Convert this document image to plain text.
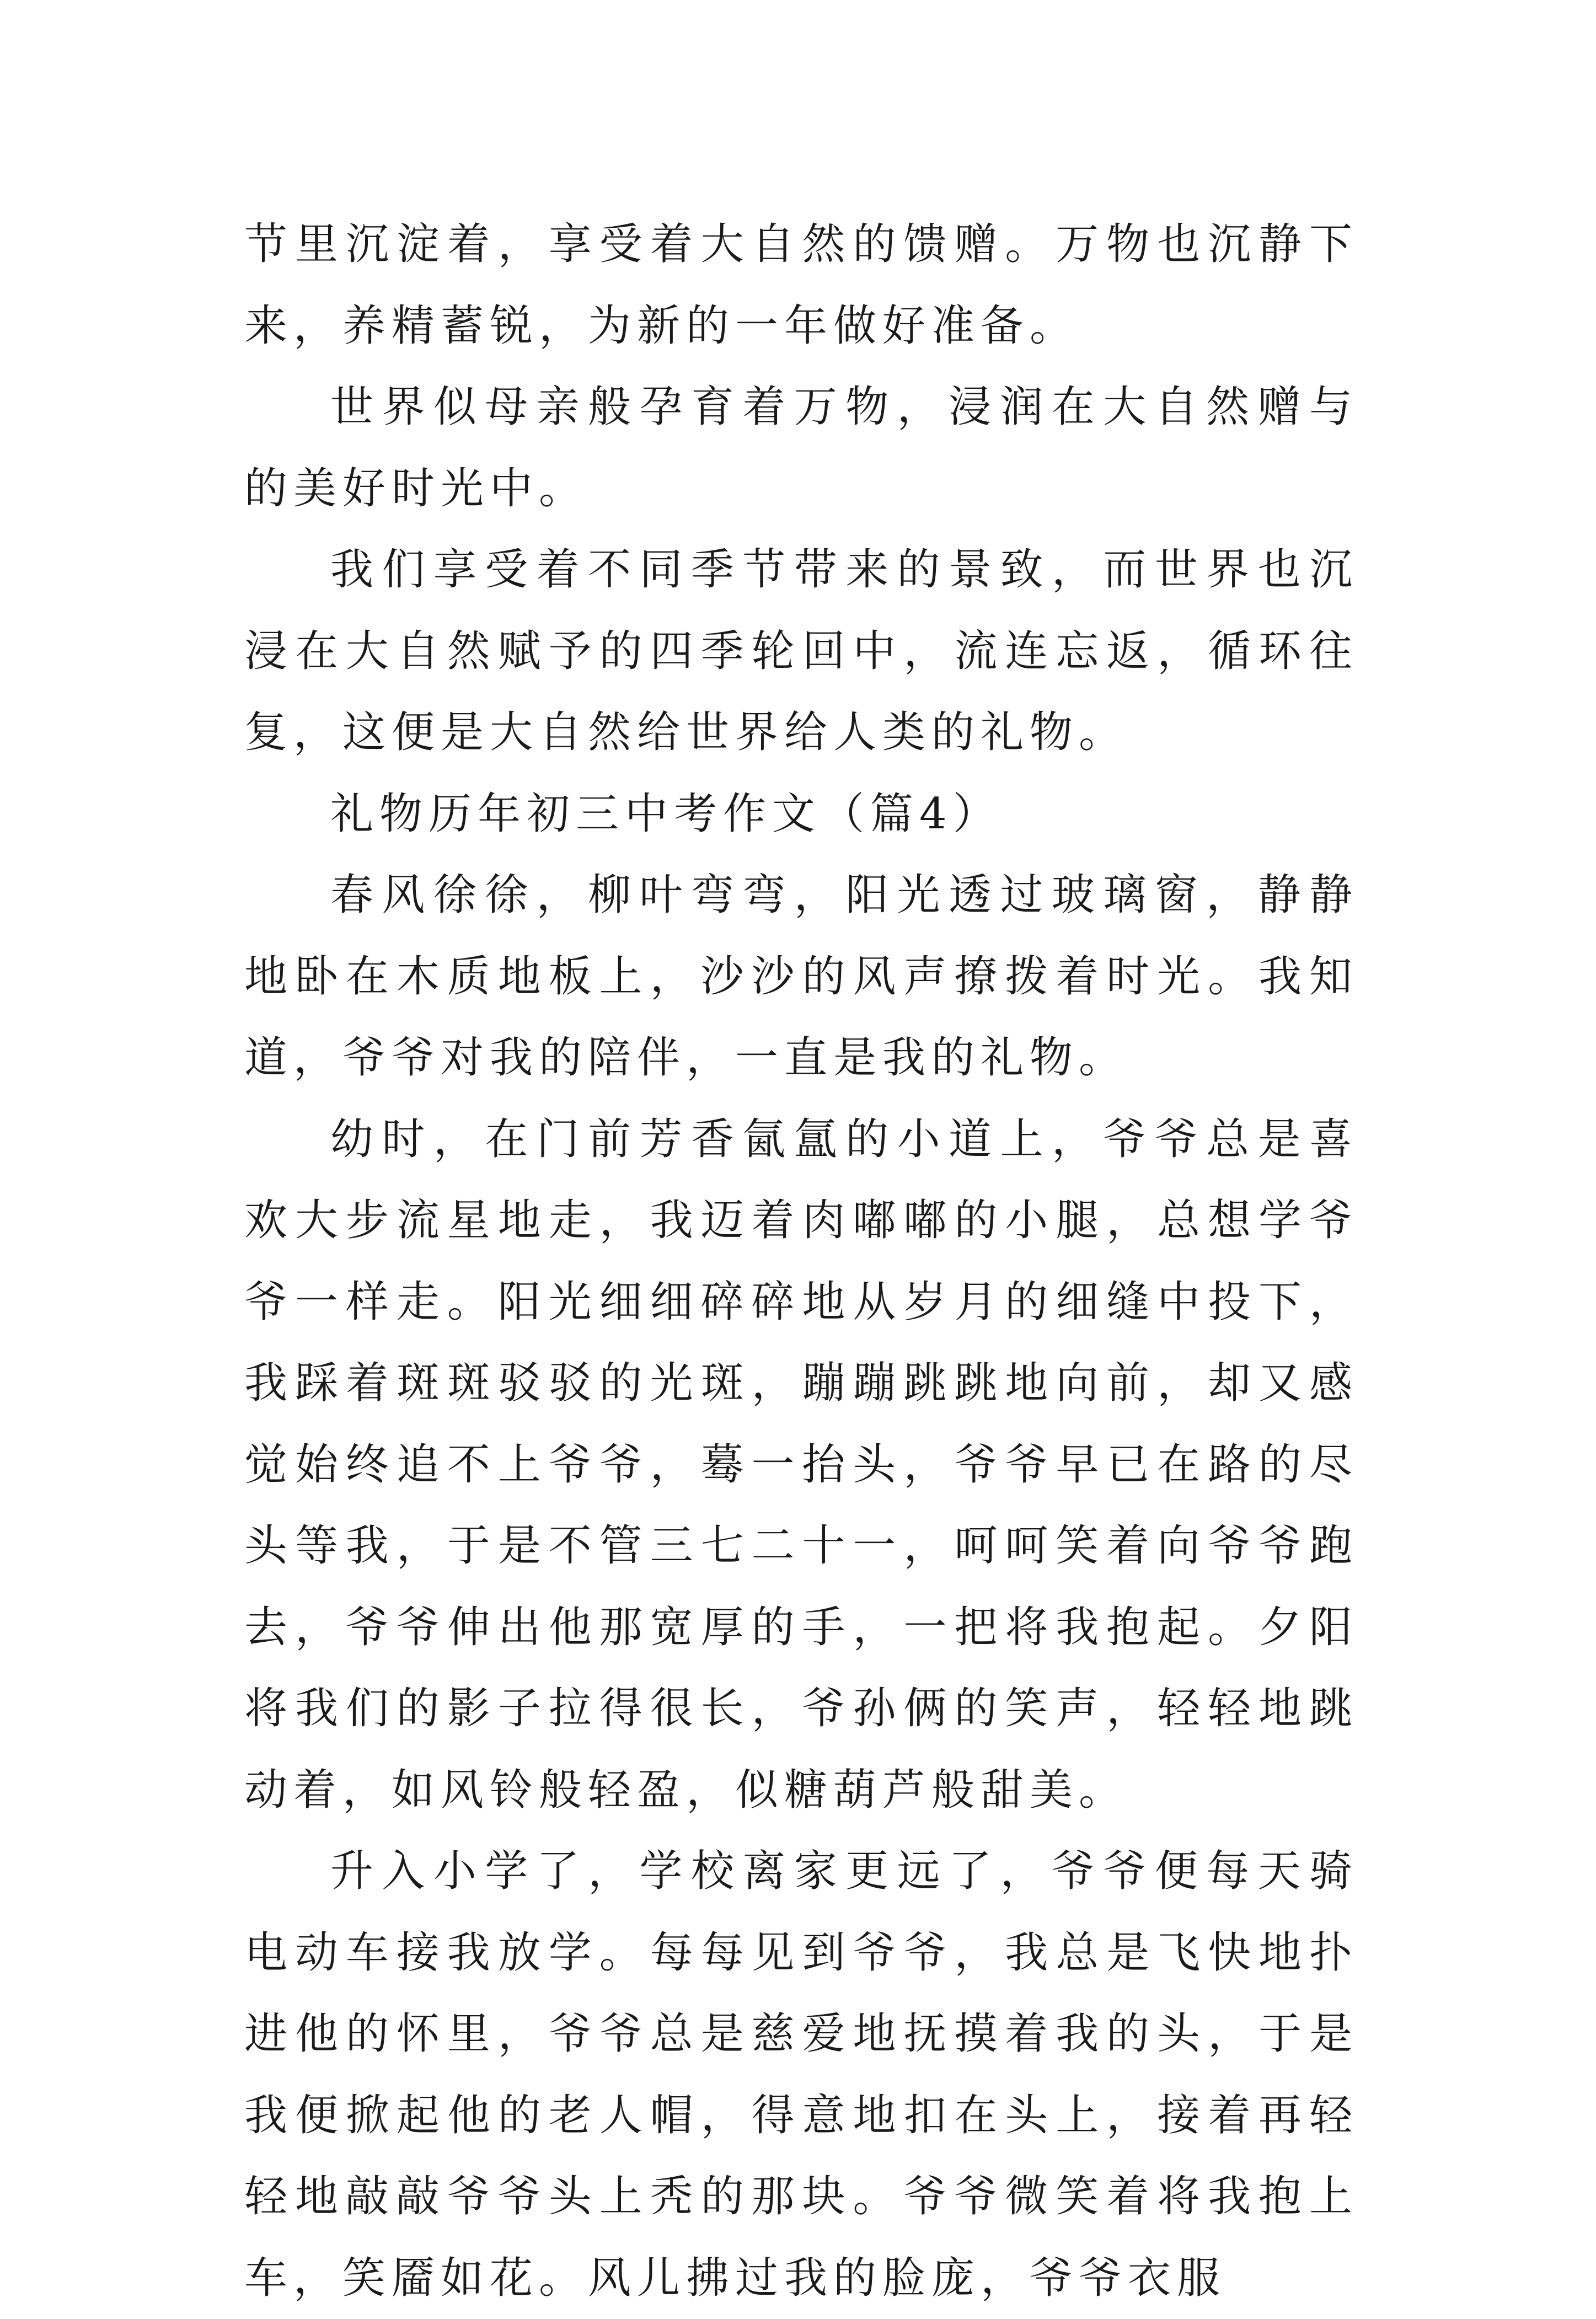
节里沉淀着，享受着大自然的馈赠。万物也沉静下来，养精蓄锐，为新的一年做好准备。

世界似母亲般孕育着万物，浸润在大自然赠与的美好时光中。

我们享受着不同季节带来的景致，而世界也沉浸在大自然赋予的四季轮回中，流连忘返，循环往复，这便是大自然给世界给人类的礼物。

礼物历年初三中考作文（篇4）

春风徐徐，柳叶弯弯，阳光透过玻璃窗，静静地卧在木质地板上，沙沙的风声撩拨着时光。我知道，爷爷对我的陪伴，一直是我的礼物。

幼时，在门前芳香氤氲的小道上，爷爷总是喜欢大步流星地走，我迈着肉嘟嘟的小腿，总想学爷爷一样走。阳光细细碎碎地从岁月的细缝中投下，我踩着斑斑驳驳的光斑，蹦蹦跳跳地向前，却又感觉始终追不上爷爷，蓦一抬头，爷爷早已在路的尽头等我，于是不管三七二十一，呵呵笑着向爷爷跑去，爷爷伸出他那宽厚的手，一把将我抱起。夕阳将我们的影子拉得很长，爷孙俩的笑声，轻轻地跳动着，如风铃般轻盈，似糖葫芦般甜美。

升入小学了，学校离家更远了，爷爷便每天骑电动车接我放学。每每见到爷爷，我总是飞快地扑进他的怀里，爷爷总是慈爱地抚摸着我的头，于是我便掀起他的老人帽，得意地扣在头上，接着再轻轻地敲敲爷爷头上秃的那块。爷爷微笑着将我抱上车，笑靥如花。风儿拂过我的脸庞，爷爷衣服
